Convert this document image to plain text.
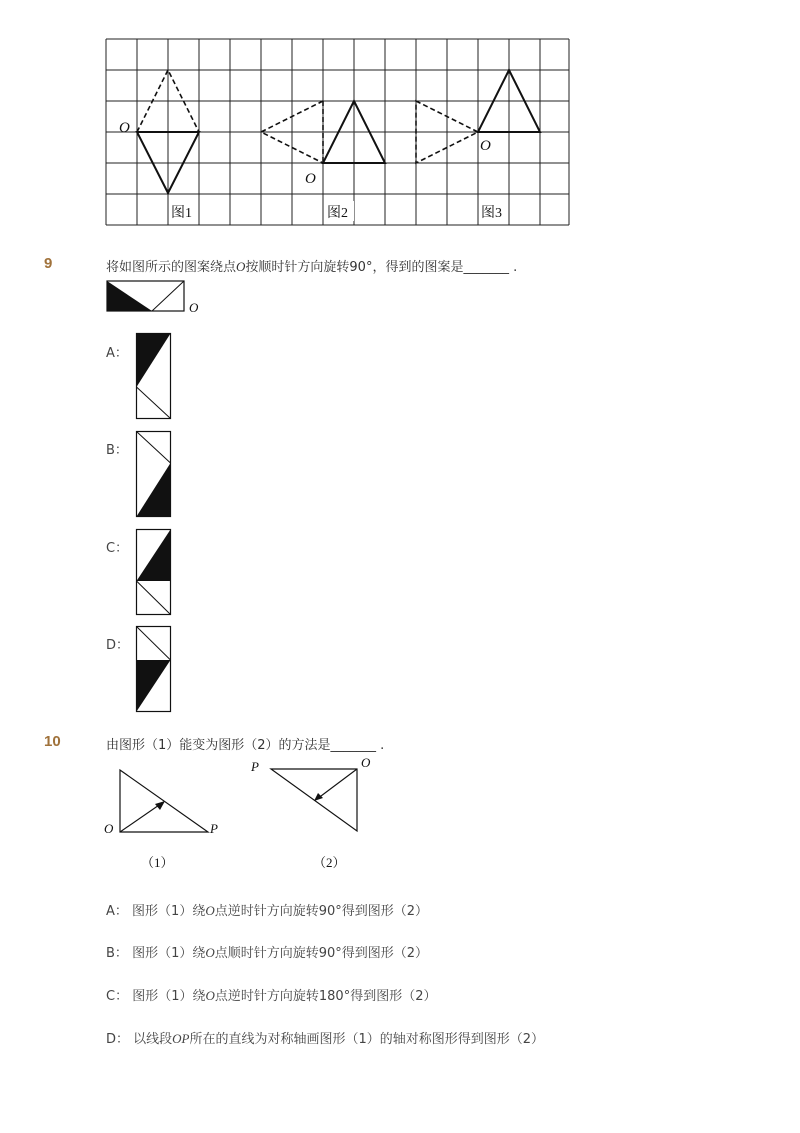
O
O
O
图1	图2	图3
9	将如图所示的图案绕点O按顺时针方向旋转90°，得到的图案是_______ .
O
A：
B：
C：
D：
10	由图形（1）能变为图形（2）的方法是_______ .
O	P
（1）
P	O
（2）
A： 图形（1）绕O点逆时针方向旋转90°得到图形（2）
B： 图形（1）绕O点顺时针方向旋转90°得到图形（2）
C： 图形（1）绕O点逆时针方向旋转180°得到图形（2）
D： 以线段OP所在的直线为对称轴画图形（1）的轴对称图形得到图形（2）
